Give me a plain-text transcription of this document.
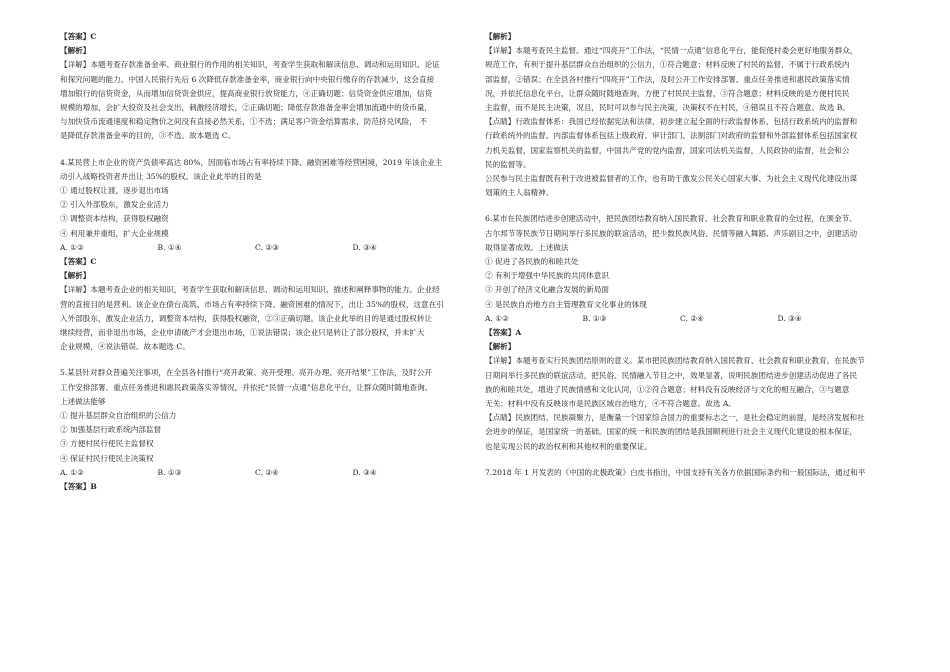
【答案】C

【解析】

【详解】本题考查存款准备金率、商业银行的作用的相关知识，考查学生获取和解读信息、调动和运用知识、论证

和探究问题的能力。中国人民银行先后 6 次降低存款准备金率，商业银行向中央银行缴存的存款减少，这会直接

增加银行的信贷资金，从而增加信贷资金供应，提高商业银行放贷能力，④正确切题；信贷资金供应增加，信贷

规模的增加，会扩大投资及社会支出，刺激经济增长，②正确切题；降低存款准备金率会增加流通中的货币量，

与加快货币流通速度和稳定物价之间没有直接必然关系，①不选；满足客户资金结算需求，防范挤兑风险， 不

是降低存款准备金率的目的，③不选。故本题选 C。

4.某民营上市企业的资产负债率高达 80%，因面临市场占有率持续下降、融资困难等经营困境，2019 年该企业主

动引入战略投资者并出让 35%的股权。该企业此举的目的是

① 通过股权让渡，逐步退出市场

② 引入外部股东，激发企业活力

③ 调整资本结构，获得股权融资

④ 利用兼并重组，扩大企业规模

A. ①②	B. ①④	C. ②③	D. ③④

【答案】C

【解析】

【详解】本题考查企业的相关知识，考查学生获取和解读信息、调动和运用知识、描述和阐释事物的能力。企业经

营的直接目的是营利。该企业在债台高筑、市场占有率持续下降、融资困难的情况下，出让 35%的股权，这意在引

入外部股东，激发企业活力，调整资本结构，获得股权融资，②③正确切题。该企业此举的目的是通过股权转让

继续经营，而非退出市场，企业申请破产才会退出市场，①说法错误；该企业只是转让了部分股权，并未扩大

企业规模，④说法错误。故本题选 C。

5.某县针对群众普遍关注事项，在全县各村推行“亮开政策、亮开受理、亮开办理、亮开结果”工作法，及时公开

工作安排部署、重点任务推进和惠民政策落实等情况，并依托“民情一点通”信息化平台，让群众随时随地查询。

上述做法能够

① 提升基层群众自治组织的公信力

② 加强基层行政系统内部监督

③ 方便村民行使民主监督权

④ 保证村民行使民主决策权

A. ①②	B. ①③	C. ②④	D. ③④

【答案】B

【解析】

【详解】本题考查民主监督。通过“四亮开”工作法，“民情一点通”信息化平台，能促使村委会更好地服务群众，

规范工作，有利于提升基层群众自治组织的公信力，①符合题意；材料反映了村民的监督，不属于行政系统内

部监督，②错误；在全县各村推行“四亮开”工作法，及时公开工作安排部署、重点任务推进和惠民政策落实情

况，并依托信息化平台，让群众随时随地查询，方便了村民民主监督，③符合题意；材料反映的是方便村民民

主监督，而不是民主决策，况且，民时可以参与民主决策，决策权不在村民，④错误且不符合题意。故选 B。

【点睛】行政监督体系：我国已经依据宪法和法律，初步建立起全面的行政监督体系，包括行政系统内的监督和

行政系统外的监督。内部监督体系包括上级政府、审计部门、法制部门对政府的监督和外部监督体系包括国家权

力机关监督，国家监察机关的监督，中国共产党的党内监督，国家司法机关监督，人民政协的监督，社会和公

民的监督等。

公民参与民主监督既有利于改进被监督者的工作，也有助于激发公民关心国家大事、为社会主义现代化建设出谋

划策的主人翁精神。

6.某市在民族团结进步创建活动中，把民族团结教育纳入国民教育、社会教育和职业教育的全过程，在颁金节、

古尔邦节等民族节日期间举行多民族的联谊活动，把少数民族风俗、民情等融入舞蹈、声乐剧目之中，创建活动

取得显著成效。上述做法

① 促进了各民族的和睦共处

② 有利于增强中华民族的共同体意识

③ 开创了经济文化融合发展的新局面

④ 是民族自治地方自主管理教育文化事业的体现

A. ①②	B. ①③	C. ②④	D. ③④

【答案】A

【解析】

【详解】本题考查实行民族团结原则的意义。某市把民族团结教育纳入国民教育、社会教育和职业教育，在民族节

日期间举行多民族的联谊活动，把民俗、民情融入节目之中，效果显著，说明民族团结进步创建活动促进了各民

族的和睦共处，增进了民族情感和文化认同，①②符合题意；材料没有反映经济与文化的相互融合，③与题意

无关；材料中没有反映该市是民族区域自治地方，④不符合题意。故选 A。

【点睛】民族团结、民族凝聚力，是衡量一个国家综合国力的重要标志之一，是社会稳定的前提，是经济发展和社

会进步的保证，是国家统一的基础。国家的统一和民族的团结是我国顺利进行社会主义现代化建设的根本保证，

也是实现公民的政治权利和其他权利的重要保证。

7.2018 年 1 月发表的《中国的北极政策》白皮书指出，中国支持有关各方依据国际条约和一般国际法，通过和平
